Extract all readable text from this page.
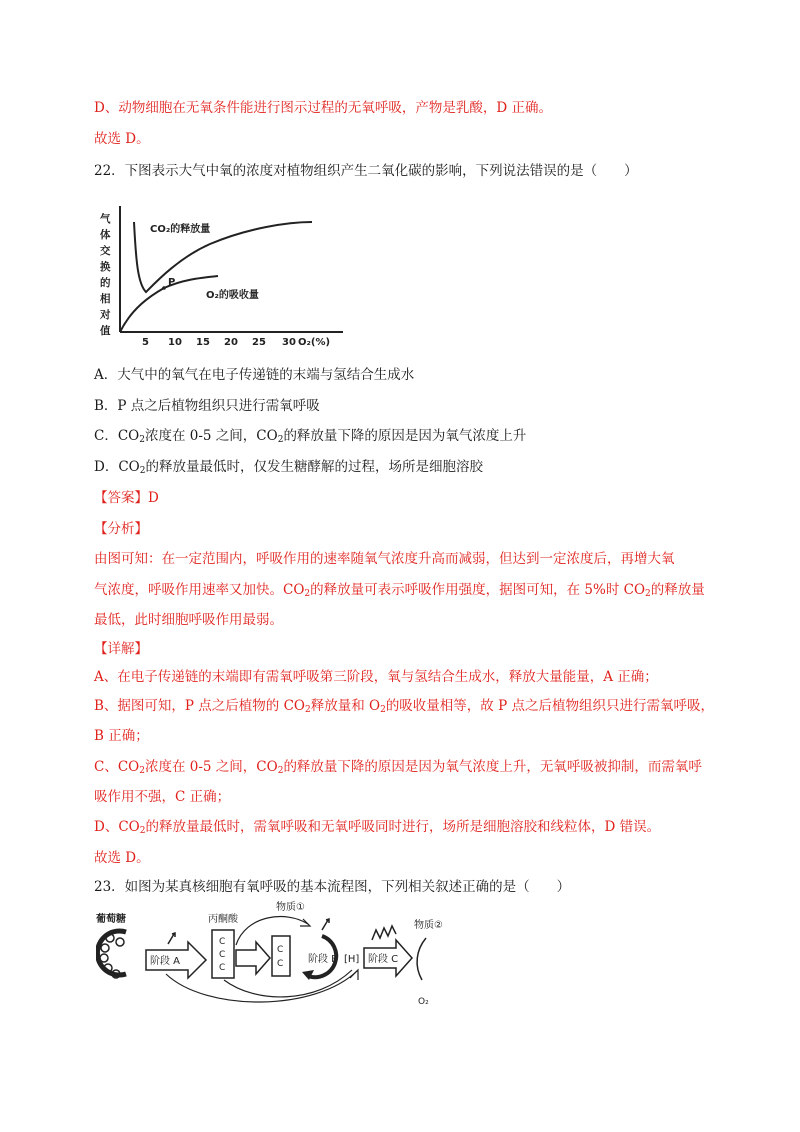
D、动物细胞在无氧条件能进行图示过程的无氧呼吸，产物是乳酸，D 正确。
故选 D。
22．下图表示大气中氧的浓度对植物组织产生二氧化碳的影响，下列说法错误的是（　　）
气
体
交
换
的
相
对
值
P
CO₂的释放量
O₂的吸收量
5 10 15 20 25 30 O₂(%)
A．大气中的氧气在电子传递链的末端与氢结合生成水
B．P 点之后植物组织只进行需氧呼吸
C．$CO_2$浓度在 0-5 之间，$CO_2$的释放量下降的原因是因为氧气浓度上升
D．$CO_2$的释放量最低时，仅发生糖酵解的过程，场所是细胞溶胶
【答案】D
【分析】
由图可知：在一定范围内，呼吸作用的速率随氧气浓度升高而减弱，但达到一定浓度后，再增大氧
气浓度，呼吸作用速率又加快。$CO_2$的释放量可表示呼吸作用强度，据图可知，在 5%时 $CO_2$的释放量
最低，此时细胞呼吸作用最弱。
【详解】
A、在电子传递链的末端即有需氧呼吸第三阶段，氧与氢结合生成水，释放大量能量，A 正确；
B、据图可知，P 点之后植物的 $CO_2$释放量和 $O_2$的吸收量相等，故 P 点之后植物组织只进行需氧呼吸，
B 正确；
C、$CO_2$浓度在 0-5 之间，$CO_2$的释放量下降的原因是因为氧气浓度上升，无氧呼吸被抑制，而需氧呼
吸作用不强，C 正确；
D、$CO_2$的释放量最低时，需氧呼吸和无氧呼吸同时进行，场所是细胞溶胶和线粒体，D 错误。
故选 D。
23．如图为某真核细胞有氧呼吸的基本流程图，下列相关叙述正确的是（　　）
葡萄糖
阶段 A
丙酮酸
C
C
C
物质①
C
C 阶段 B [H] 阶段 C
物质②
O₂
